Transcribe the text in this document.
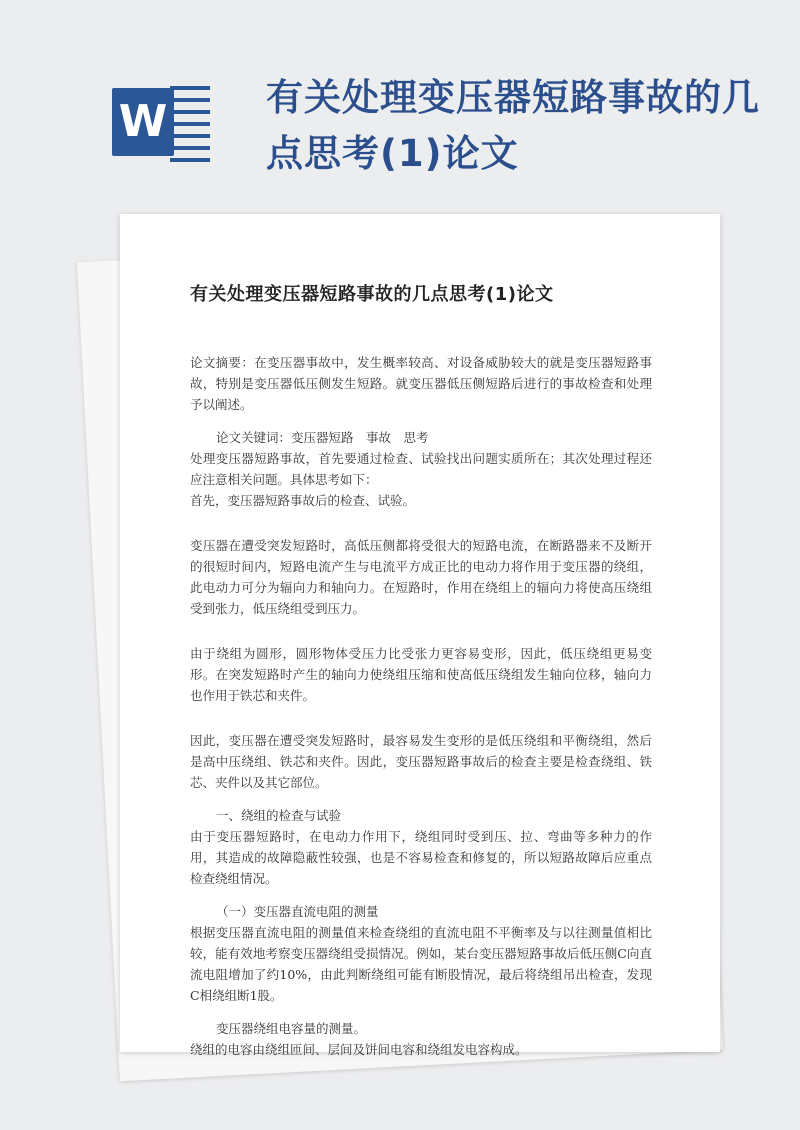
W	有关处理变压器短路事故的几点思考(1)论文
有关处理变压器短路事故的几点思考(1)论文

论文摘要：在变压器事故中，发生概率较高、对设备威胁较大的就是变压器短路事故，特别是变压器低压侧发生短路。就变压器低压侧短路后进行的事故检查和处理予以阐述。

论文关键词：变压器短路　事故　思考

处理变压器短路事故，首先要通过检查、试验找出问题实质所在；其次处理过程还应注意相关问题。具体思考如下：

首先，变压器短路事故后的检查、试验。

变压器在遭受突发短路时，高低压侧都将受很大的短路电流，在断路器来不及断开的很短时间内，短路电流产生与电流平方成正比的电动力将作用于变压器的绕组，此电动力可分为辐向力和轴向力。在短路时，作用在绕组上的辐向力将使高压绕组受到张力，低压绕组受到压力。

由于绕组为圆形，圆形物体受压力比受张力更容易变形，因此，低压绕组更易变形。在突发短路时产生的轴向力使绕组压缩和使高低压绕组发生轴向位移，轴向力也作用于铁芯和夹件。

因此，变压器在遭受突发短路时，最容易发生变形的是低压绕组和平衡绕组，然后是高中压绕组、铁芯和夹件。因此，变压器短路事故后的检查主要是检查绕组、铁芯、夹件以及其它部位。

一、绕组的检查与试验

由于变压器短路时，在电动力作用下，绕组同时受到压、拉、弯曲等多种力的作用，其造成的故障隐蔽性较强，也是不容易检查和修复的，所以短路故障后应重点检查绕组情况。

（一）变压器直流电阻的测量

根据变压器直流电阻的测量值来检查绕组的直流电阻不平衡率及与以往测量值相比较，能有效地考察变压器绕组受损情况。例如，某台变压器短路事故后低压侧C向直流电阻增加了约10%，由此判断绕组可能有断股情况，最后将绕组吊出检查，发现C相绕组断1股。

变压器绕组电容量的测量。

绕组的电容由绕组匝间、层间及饼间电容和绕组发电容构成。
